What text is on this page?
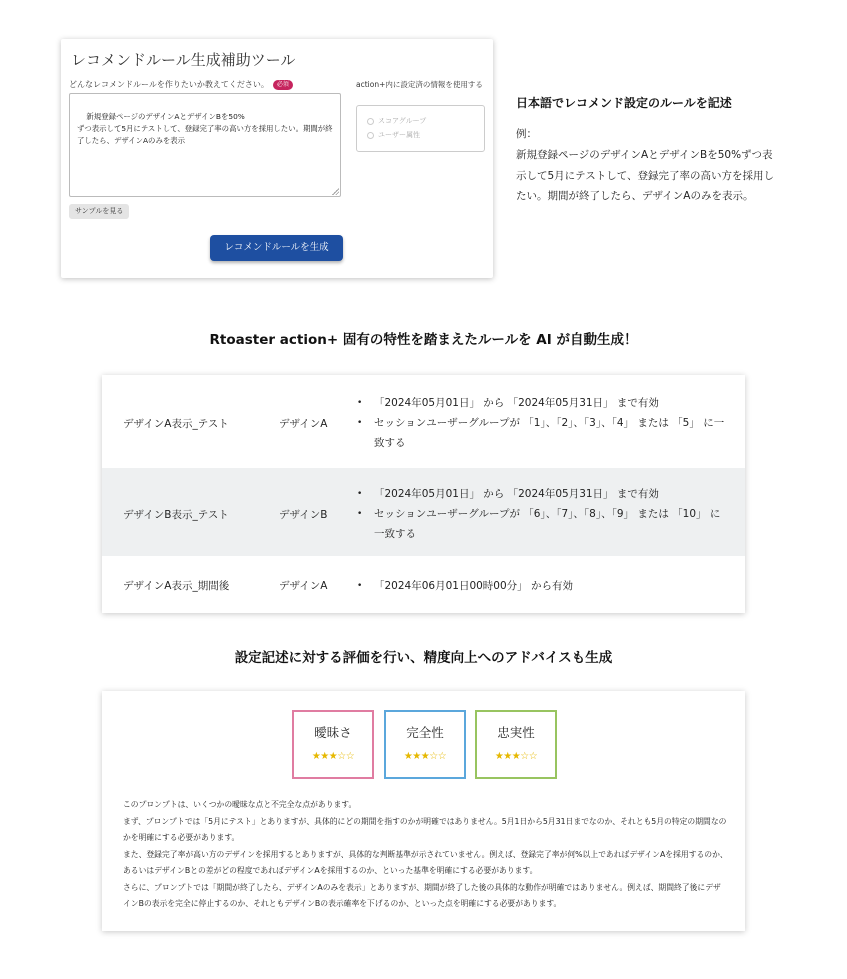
レコメンドルール生成補助ツール
どんなレコメンドルールを作りたいか教えてください。	必須

新規登録ページのデザインAとデザインBを50%
ずつ表示して5月にテストして、登録完了率の高い方を採用したい。期間が終了したら、デザインAのみを表示

サンプルを見る
レコメンドルールを生成
action+内に設定済の情報を使用する
スコアグループ
ユーザー属性
日本語でレコメンド設定のルールを記述
例：
新規登録ページのデザインAとデザインBを50%ずつ表示して5月にテストして、登録完了率の高い方を採用したい。期間が終了したら、デザインAのみを表示。
Rtoaster action+ 固有の特性を踏まえたルールを AI が自動生成！
デザインA表示_テスト	デザインA
• 「2024年05月01日」 から 「2024年05月31日」 まで有効
• セッションユーザーグループが 「1」、「2」、「3」、「4」 または 「5」 に一致する
デザインB表示_テスト	デザインB
• 「2024年05月01日」 から 「2024年05月31日」 まで有効
• セッションユーザーグループが 「6」、「7」、「8」、「9」 または 「10」 に一致する
デザインA表示_期間後	デザインA
•	「2024年06月01日00時00分」 から有効
設定記述に対する評価を行い、精度向上へのアドバイスも生成
曖昧さ
★★★☆☆
完全性
★★★☆☆
忠実性
★★★☆☆

このプロンプトは、いくつかの曖昧な点と不完全な点があります。

まず、プロンプトでは「5月にテスト」とありますが、具体的にどの期間を指すのかが明確ではありません。5月1日から5月31日までなのか、それとも5月の特定の期間なのかを明確にする必要があります。

また、登録完了率が高い方のデザインを採用するとありますが、具体的な判断基準が示されていません。例えば、登録完了率が何%以上であればデザインAを採用するのか、あるいはデザインBとの差がどの程度であればデザインAを採用するのか、といった基準を明確にする必要があります。

さらに、プロンプトでは「期間が終了したら、デザインAのみを表示」とありますが、期間が終了した後の具体的な動作が明確ではありません。例えば、期間終了後にデザインBの表示を完全に停止するのか、それともデザインBの表示確率を下げるのか、といった点を明確にする必要があります。
